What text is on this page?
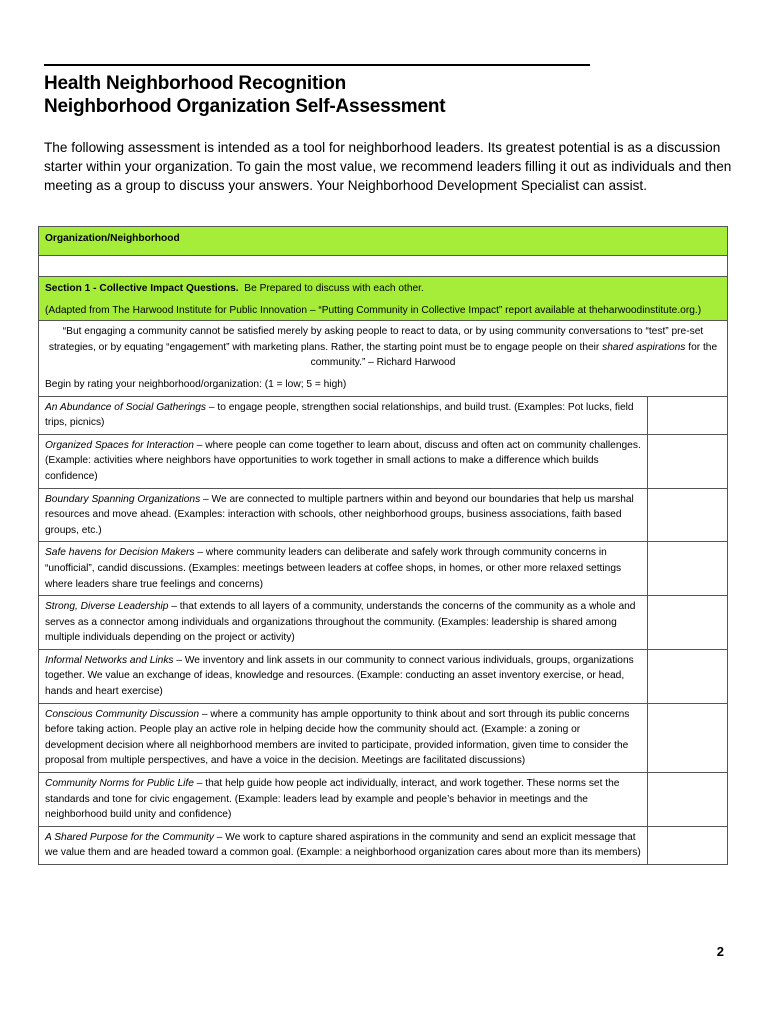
Health Neighborhood Recognition
Neighborhood Organization Self-Assessment
The following assessment is intended as a tool for neighborhood leaders. Its greatest potential is as a discussion starter within your organization. To gain the most value, we recommend leaders filling it out as individuals and then meeting as a group to discuss your answers. Your Neighborhood Development Specialist can assist.
Organization/Neighborhood	

Section 1 - Collective Impact Questions. Be Prepared to discuss with each other.

(Adapted from The Harwood Institute for Public Innovation – “Putting Community in Collective Impact” report available at theharwoodinstitute.org.)	

“But engaging a community cannot be satisfied merely by asking people to react to data, or by using community conversations to “test” pre-set strategies, or by equating “engagement” with marketing plans. Rather, the starting point must be to engage people on their shared aspirations for the community.” – Richard Harwood

Begin by rating your neighborhood/organization: (1 = low; 5 = high)	

An Abundance of Social Gatherings – to engage people, strengthen social relationships, and build trust. (Examples: Pot lucks, field trips, picnics)	
Organized Spaces for Interaction – where people can come together to learn about, discuss and often act on community challenges. (Example: activities where neighbors have opportunities to work together in small actions to make a difference which builds confidence)	
Boundary Spanning Organizations – We are connected to multiple partners within and beyond our boundaries that help us marshal resources and move ahead. (Examples: interaction with schools, other neighborhood groups, business associations, faith based groups, etc.)	
Safe havens for Decision Makers – where community leaders can deliberate and safely work through community concerns in “unofficial”, candid discussions. (Examples: meetings between leaders at coffee shops, in homes, or other more relaxed settings where leaders share true feelings and concerns)	
Strong, Diverse Leadership – that extends to all layers of a community, understands the concerns of the community as a whole and serves as a connector among individuals and organizations throughout the community. (Examples: leadership is shared among multiple individuals depending on the project or activity)	
Informal Networks and Links – We inventory and link assets in our community to connect various individuals, groups, organizations together. We value an exchange of ideas, knowledge and resources. (Example: conducting an asset inventory exercise, or head, hands and heart exercise)	
Conscious Community Discussion – where a community has ample opportunity to think about and sort through its public concerns before taking action. People play an active role in helping decide how the community should act. (Example: a zoning or development decision where all neighborhood members are invited to participate, provided information, given time to consider the proposal from multiple perspectives, and have a voice in the decision. Meetings are facilitated discussions)	
Community Norms for Public Life – that help guide how people act individually, interact, and work together. These norms set the standards and tone for civic engagement. (Example: leaders lead by example and people’s behavior in meetings and the neighborhood build unity and confidence)	
A Shared Purpose for the Community – We work to capture shared aspirations in the community and send an explicit message that we value them and are headed toward a common goal. (Example: a neighborhood organization cares about more than its members)	
2
